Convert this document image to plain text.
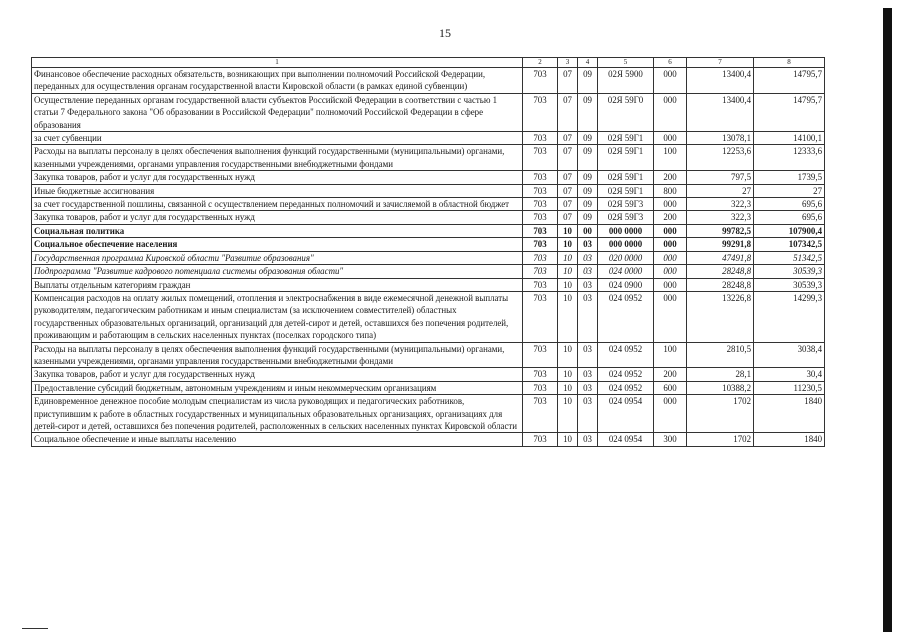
15
1	2	3	4	5	6	7	8
Финансовое обеспечение расходных обязательств, возникающих при выполнении полномочий Российской Федерации, переданных для осуществления органам государственной власти Кировской области (в рамках единой субвенции)	703	07	09	02Я 5900	000	13400,4	14795,7
Осуществление переданных органам государственной власти субъектов Российской Федерации в соответствии с частью 1 статьи 7 Федерального закона "Об образовании в Российской Федерации" полномочий Российской Федерации в сфере образования	703	07	09	02Я 59Г0	000	13400,4	14795,7
за счет субвенции	703	07	09	02Я 59Г1	000	13078,1	14100,1
Расходы на выплаты персоналу в целях обеспечения выполнения функций государственными (муниципальными) органами, казенными учреждениями, органами управления государственными внебюджетными фондами	703	07	09	02Я 59Г1	100	12253,6	12333,6
Закупка товаров, работ и услуг для государственных нужд	703	07	09	02Я 59Г1	200	797,5	1739,5
Иные бюджетные ассигнования	703	07	09	02Я 59Г1	800	27	27
за счет государственной пошлины, связанной с осуществлением переданных полномочий и зачисляемой в областной бюджет	703	07	09	02Я 59Г3	000	322,3	695,6
Закупка товаров, работ и услуг для государственных нужд	703	07	09	02Я 59Г3	200	322,3	695,6
Социальная политика	703	10	00	000 0000	000	99782,5	107900,4
Социальное обеспечение населения	703	10	03	000 0000	000	99291,8	107342,5
Государственная программа Кировской области "Развитие образования"	703	10	03	020 0000	000	47491,8	51342,5
Подпрограмма "Развитие кадрового потенциала системы образования области"	703	10	03	024 0000	000	28248,8	30539,3
Выплаты отдельным категориям граждан	703	10	03	024 0900	000	28248,8	30539,3
Компенсация расходов на оплату жилых помещений, отопления и электроснабжения в виде ежемесячной денежной выплаты руководителям, педагогическим работникам и иным специалистам (за исключением совместителей) областных государственных образовательных организаций, организаций для детей-сирот и детей, оставшихся без попечения родителей, проживающим и работающим в сельских населенных пунктах (поселках городского типа)	703	10	03	024 0952	000	13226,8	14299,3
Расходы на выплаты персоналу в целях обеспечения выполнения функций государственными (муниципальными) органами, казенными учреждениями, органами управления государственными внебюджетными фондами	703	10	03	024 0952	100	2810,5	3038,4
Закупка товаров, работ и услуг для государственных нужд	703	10	03	024 0952	200	28,1	30,4
Предоставление субсидий бюджетным, автономным учреждениям и иным некоммерческим организациям	703	10	03	024 0952	600	10388,2	11230,5
Единовременное денежное пособие молодым специалистам из числа руководящих и педагогических работников, приступившим к работе в областных государственных и муниципальных образовательных организациях, организациях для детей-сирот и детей, оставшихся без попечения родителей, расположенных в сельских населенных пунктах Кировской области	703	10	03	024 0954	000	1702	1840
Социальное обеспечение и иные выплаты населению	703	10	03	024 0954	300	1702	1840
